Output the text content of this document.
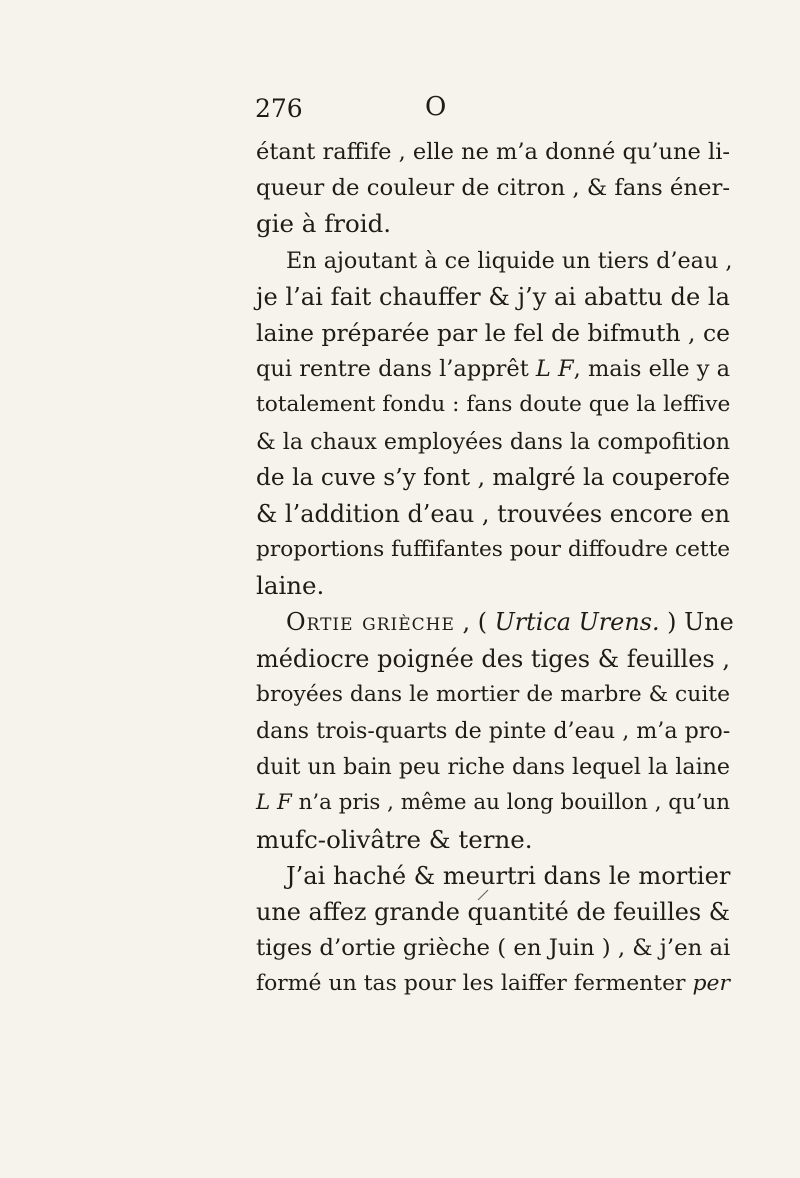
276	O
étant raffife , elle ne m’a donné qu’une li-
queur de couleur de citron , & fans éner-
gie à froid.
En ajoutant à ce liquide un tiers d’eau ,
je l’ai fait chauffer & j’y ai abattu de la
laine préparée par le fel de bifmuth , ce
qui rentre dans l’apprêt L F, mais elle y a
totalement fondu : fans doute que la leffive
& la chaux employées dans la compofition
de la cuve s’y font , malgré la couperofe
& l’addition d’eau , trouvées encore en
proportions fuffifantes pour diffoudre cette
laine.
Ortie grièche , ( Urtica Urens. ) Une
médiocre poignée des tiges & feuilles ,
broyées dans le mortier de marbre & cuite
dans trois-quarts de pinte d’eau , m’a pro-
duit un bain peu riche dans lequel la laine
L F n’a pris , même au long bouillon , qu’un
mufc-olivâtre & terne.
J’ai haché & meurtri dans le mortier
une affez grande quantité de feuilles &
tiges d’ortie grièche ( en Juin ) , & j’en ai
formé un tas pour les laiffer fermenter per
